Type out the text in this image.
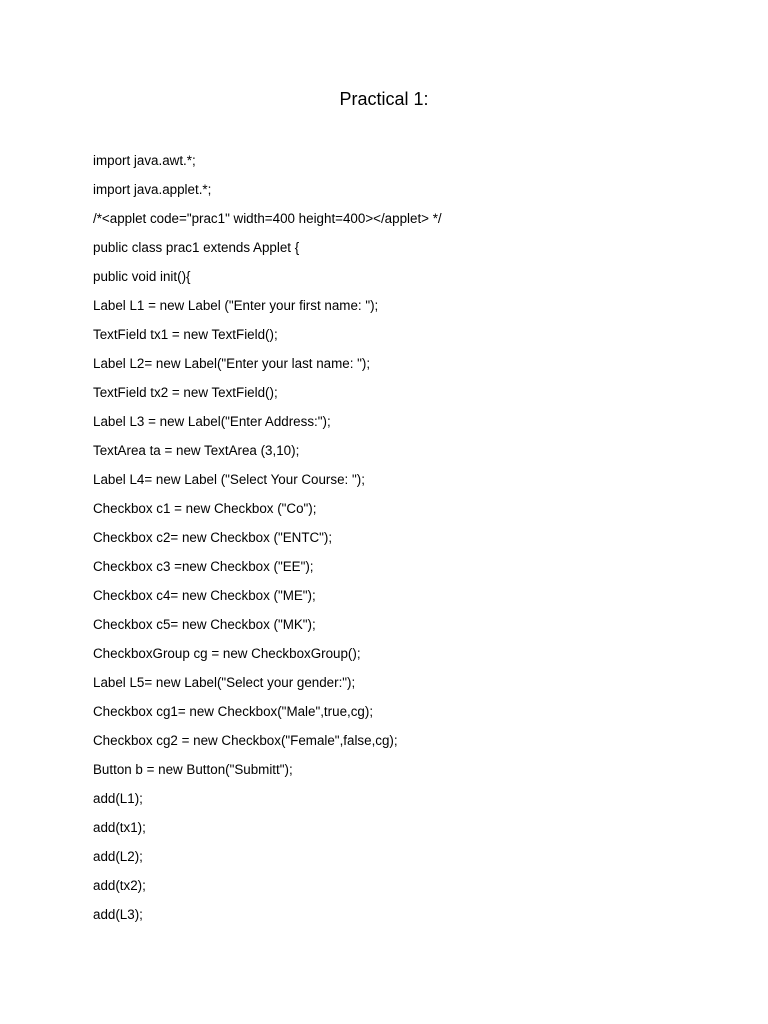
Practical 1:
import java.awt.*;
import java.applet.*;
/*<applet code="prac1" width=400 height=400></applet> */
public class prac1 extends Applet {
public void init(){
Label L1 = new Label ("Enter your first name: ");
TextField tx1 = new TextField();
Label L2= new Label("Enter your last name: ");
TextField tx2 = new TextField();
Label L3 = new Label("Enter Address:");
TextArea ta = new TextArea (3,10);
Label L4= new Label ("Select Your Course: ");
Checkbox c1 = new Checkbox ("Co");
Checkbox c2= new Checkbox ("ENTC");
Checkbox c3 =new Checkbox ("EE");
Checkbox c4= new Checkbox ("ME");
Checkbox c5= new Checkbox ("MK");
CheckboxGroup cg = new CheckboxGroup();
Label L5= new Label("Select your gender:");
Checkbox cg1= new Checkbox("Male",true,cg);
Checkbox cg2 = new Checkbox("Female",false,cg);
Button b = new Button("Submitt");
add(L1);
add(tx1);
add(L2);
add(tx2);
add(L3);
